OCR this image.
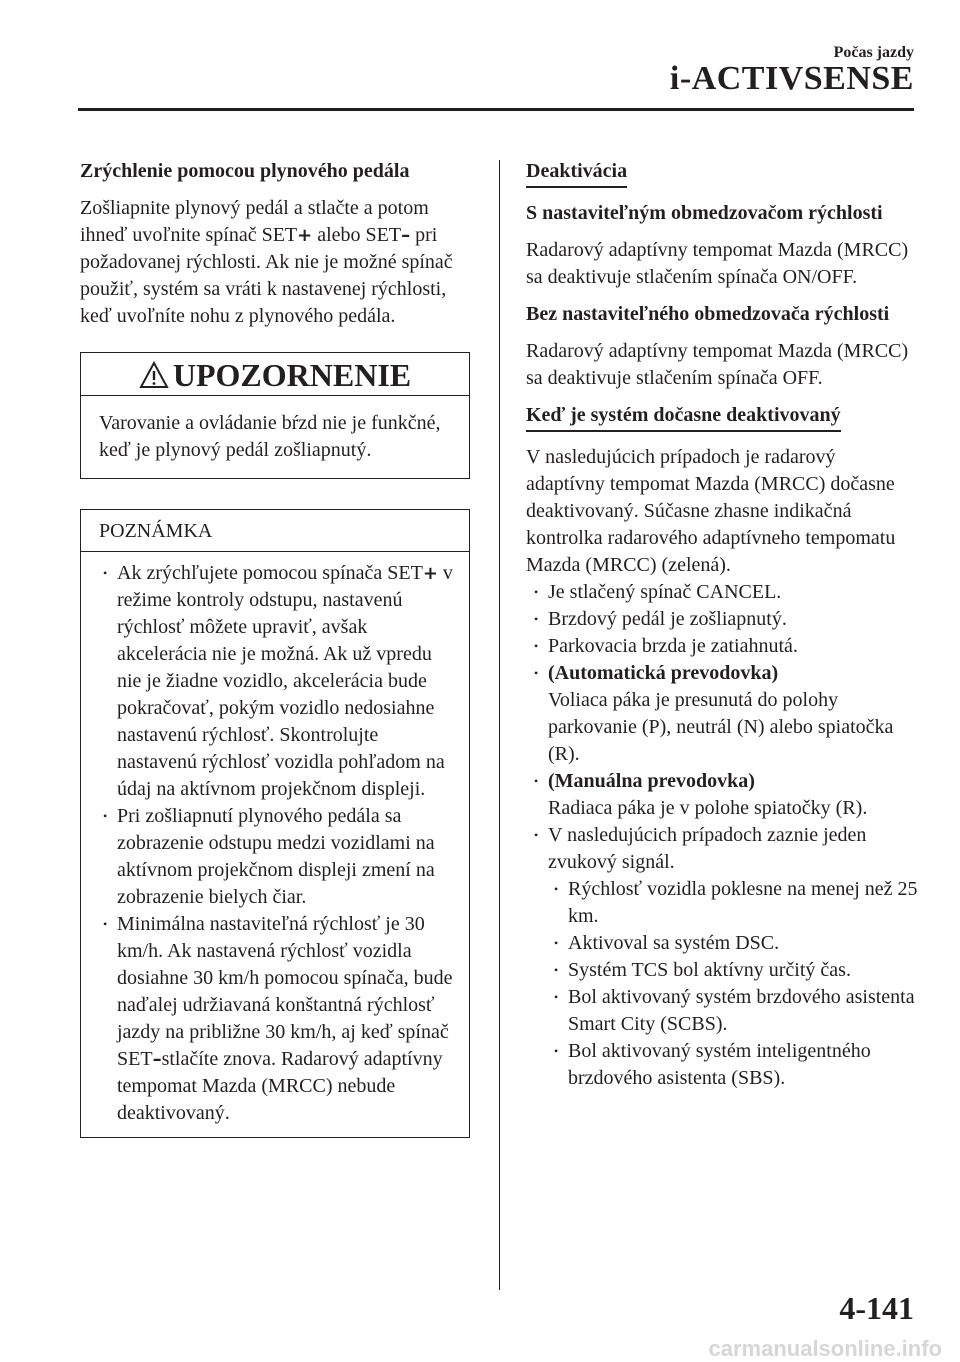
Počas jazdy
i-ACTIVSENSE

Zrýchlenie pomocou plynového pedála

Zošliapnite plynový pedál a stlačte a potom ihneď uvoľnite spínač SET+ alebo SET– pri požadovanej rýchlosti. Ak nie je možné spínač použiť, systém sa vráti k nastavenej rýchlosti, keď uvoľníte nohu z plynového pedála.

UPOZORNENIE
Varovanie a ovládanie bŕzd nie je funkčné, keď je plynový pedál zošliapnutý.
POZNÁMKA
• Ak zrýchľujete pomocou spínača SET+ v režime kontroly odstupu, nastavenú rýchlosť môžete upraviť, avšak akcelerácia nie je možná. Ak už vpredu nie je žiadne vozidlo, akcelerácia bude pokračovať, pokým vozidlo nedosiahne nastavenú rýchlosť. Skontrolujte nastavenú rýchlosť vozidla pohľadom na údaj na aktívnom projekčnom displeji.
• Pri zošliapnutí plynového pedála sa zobrazenie odstupu medzi vozidlami na aktívnom projekčnom displeji zmení na zobrazenie bielych čiar.
• Minimálna nastaviteľná rýchlosť je 30 km/h. Ak nastavená rýchlosť vozidla dosiahne 30 km/h pomocou spínača, bude naďalej udržiavaná konštantná rýchlosť jazdy na približne 30 km/h, aj keď spínač SET–stlačíte znova. Radarový adaptívny tempomat Mazda (MRCC) nebude deaktivovaný.

Deaktivácia

S nastaviteľným obmedzovačom rýchlosti

Radarový adaptívny tempomat Mazda (MRCC) sa deaktivuje stlačením spínača ON/OFF.

Bez nastaviteľného obmedzovača rýchlosti

Radarový adaptívny tempomat Mazda (MRCC) sa deaktivuje stlačením spínača OFF.

Keď je systém dočasne deaktivovaný

V nasledujúcich prípadoch je radarový adaptívny tempomat Mazda (MRCC) dočasne deaktivovaný. Súčasne zhasne indikačná kontrolka radarového adaptívneho tempomatu Mazda (MRCC) (zelená).

• Je stlačený spínač CANCEL.
• Brzdový pedál je zošliapnutý.
• Parkovacia brzda je zatiahnutá.
• (Automatická prevodovka)
Voliaca páka je presunutá do polohy parkovanie (P), neutrál (N) alebo spiatočka (R).
• (Manuálna prevodovka)
Radiaca páka je v polohe spiatočky (R).
• V nasledujúcich prípadoch zaznie jeden zvukový signál.
• Rýchlosť vozidla poklesne na menej než 25 km.
• Aktivoval sa systém DSC.
• Systém TCS bol aktívny určitý čas.
• Bol aktivovaný systém brzdového asistenta Smart City (SCBS).
• Bol aktivovaný systém inteligentného brzdového asistenta (SBS).
4-141
carmanualsonline.info
